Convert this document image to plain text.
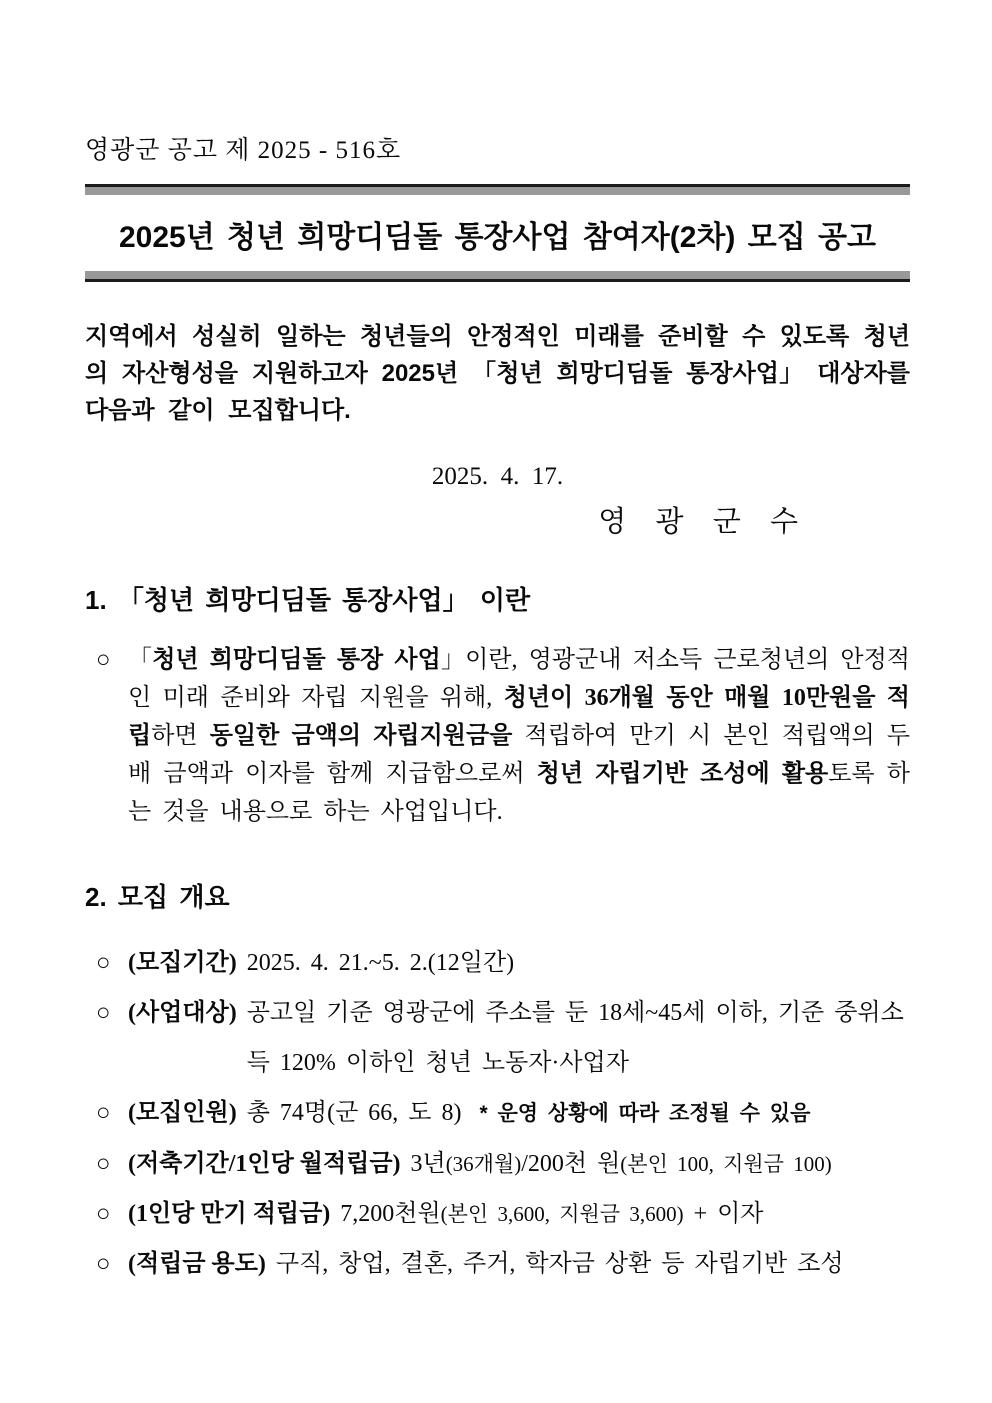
영광군 공고 제 2025 - 516호
2025년 청년 희망디딤돌 통장사업 참여자(2차) 모집 공고
지역에서 성실히 일하는 청년들의 안정적인 미래를 준비할 수 있도록 청년의 자산형성을 지원하고자 2025년 「청년 희망디딤돌 통장사업」 대상자를 다음과 같이 모집합니다.
2025.  4.  17.
영 광 군 수
1. 「청년 희망디딤돌 통장사업」 이란
○ 「청년 희망디딤돌 통장 사업」이란, 영광군내 저소득 근로청년의 안정적인 미래 준비와 자립 지원을 위해, 청년이 36개월 동안 매월 10만원을 적립하면 동일한 금액의 자립지원금을 적립하여 만기 시 본인 적립액의 두 배 금액과 이자를 함께 지급함으로써 청년 자립기반 조성에 활용토록 하는 것을 내용으로 하는 사업입니다.
2. 모집 개요
○ (모집기간) 2025. 4. 21.~5. 2.(12일간)
○ (사업대상) 공고일 기준 영광군에 주소를 둔 18세~45세 이하, 기준 중위소득 120% 이하인 청년 노동자·사업자
○ (모집인원) 총 74명(군 66, 도 8) * 운영 상황에 따라 조정될 수 있음
○ (저축기간/1인당 월적립금) 3년(36개월)/200천 원(본인 100, 지원금 100)
○ (1인당 만기 적립금) 7,200천원(본인 3,600, 지원금 3,600) + 이자
○ (적립금 용도) 구직, 창업, 결혼, 주거, 학자금 상환 등 자립기반 조성
